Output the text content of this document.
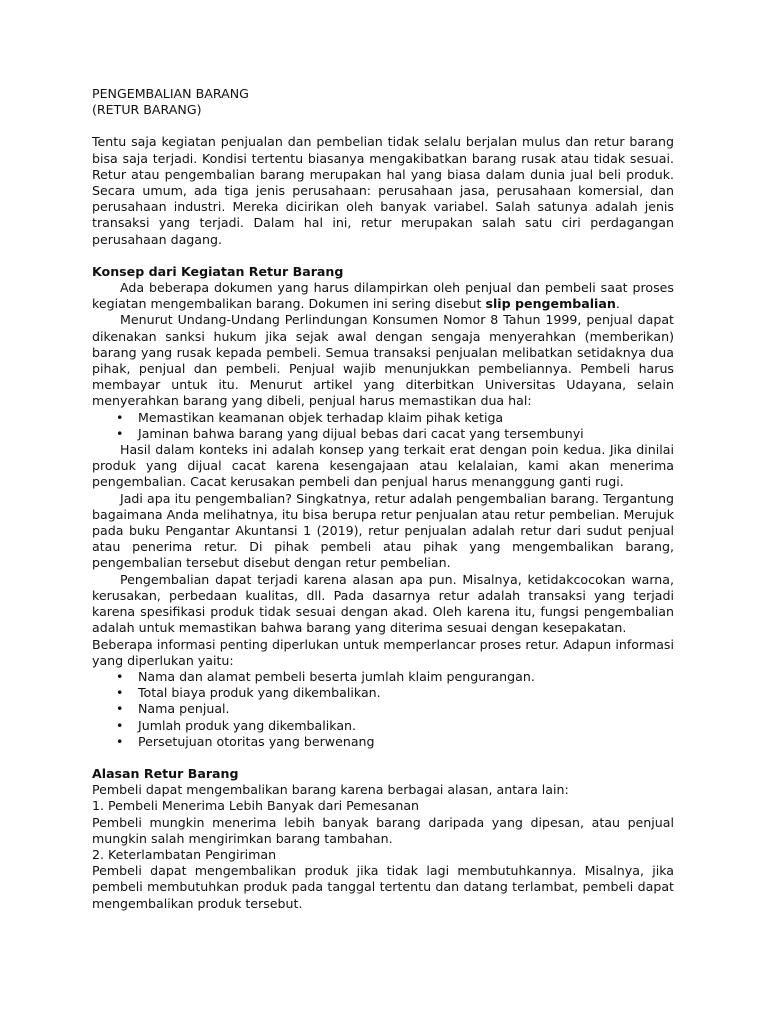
PENGEMBALIAN BARANG
(RETUR BARANG)

Tentu saja kegiatan penjualan dan pembelian tidak selalu berjalan mulus dan retur barang bisa saja terjadi. Kondisi tertentu biasanya mengakibatkan barang rusak atau tidak sesuai. Retur atau pengembalian barang merupakan hal yang biasa dalam dunia jual beli produk. Secara umum, ada tiga jenis perusahaan: perusahaan jasa, perusahaan komersial, dan perusahaan industri. Mereka dicirikan oleh banyak variabel. Salah satunya adalah jenis transaksi yang terjadi. Dalam hal ini, retur merupakan salah satu ciri perdagangan perusahaan dagang.

Konsep dari Kegiatan Retur Barang

Ada beberapa dokumen yang harus dilampirkan oleh penjual dan pembeli saat proses kegiatan mengembalikan barang. Dokumen ini sering disebut slip pengembalian.

Menurut Undang-Undang Perlindungan Konsumen Nomor 8 Tahun 1999, penjual dapat dikenakan sanksi hukum jika sejak awal dengan sengaja menyerahkan (memberikan) barang yang rusak kepada pembeli. Semua transaksi penjualan melibatkan setidaknya dua pihak, penjual dan pembeli. Penjual wajib menunjukkan pembeliannya. Pembeli harus membayar untuk itu. Menurut artikel yang diterbitkan Universitas Udayana, selain menyerahkan barang yang dibeli, penjual harus memastikan dua hal:

•	Memastikan keamanan objek terhadap klaim pihak ketiga
•	Jaminan bahwa barang yang dijual bebas dari cacat yang tersembunyi

Hasil dalam konteks ini adalah konsep yang terkait erat dengan poin kedua. Jika dinilai produk yang dijual cacat karena kesengajaan atau kelalaian, kami akan menerima pengembalian. Cacat kerusakan pembeli dan penjual harus menanggung ganti rugi.

Jadi apa itu pengembalian? Singkatnya, retur adalah pengembalian barang. Tergantung bagaimana Anda melihatnya, itu bisa berupa retur penjualan atau retur pembelian. Merujuk pada buku Pengantar Akuntansi 1 (2019), retur penjualan adalah retur dari sudut penjual atau penerima retur. Di pihak pembeli atau pihak yang mengembalikan barang, pengembalian tersebut disebut dengan retur pembelian.

Pengembalian dapat terjadi karena alasan apa pun. Misalnya, ketidakcocokan warna, kerusakan, perbedaan kualitas, dll. Pada dasarnya retur adalah transaksi yang terjadi karena spesifikasi produk tidak sesuai dengan akad. Oleh karena itu, fungsi pengembalian adalah untuk memastikan bahwa barang yang diterima sesuai dengan kesepakatan.

Beberapa informasi penting diperlukan untuk memperlancar proses retur. Adapun informasi yang diperlukan yaitu:

•	Nama dan alamat pembeli beserta jumlah klaim pengurangan.
•	Total biaya produk yang dikembalikan.
•	Nama penjual.
•	Jumlah produk yang dikembalikan.
•	Persetujuan otoritas yang berwenang
Alasan Retur Barang

Pembeli dapat mengembalikan barang karena berbagai alasan, antara lain:

1. Pembeli Menerima Lebih Banyak dari Pemesanan

Pembeli mungkin menerima lebih banyak barang daripada yang dipesan, atau penjual mungkin salah mengirimkan barang tambahan.

2. Keterlambatan Pengiriman

Pembeli dapat mengembalikan produk jika tidak lagi membutuhkannya. Misalnya, jika pembeli membutuhkan produk pada tanggal tertentu dan datang terlambat, pembeli dapat mengembalikan produk tersebut.
